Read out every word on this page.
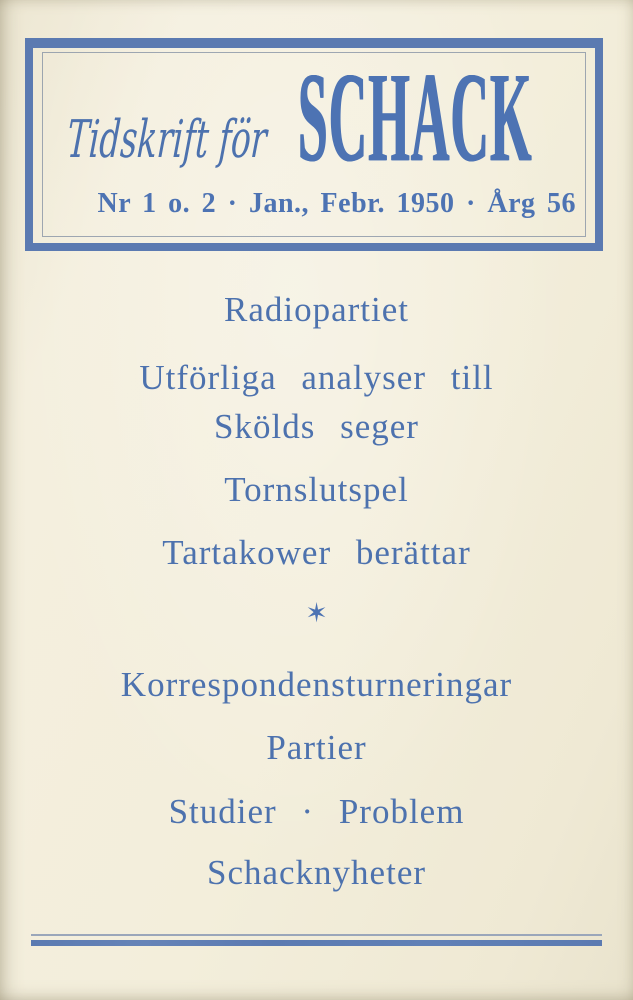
Tidskrift för SCHACK
Nr 1 o. 2 · Jan., Febr. 1950 · Årg 56
Radiopartiet
Utförliga analyser till
Skölds seger
Tornslutspel
Tartakower berättar
✶
Korrespondensturneringar
Partier
Studier · Problem
Schacknyheter
